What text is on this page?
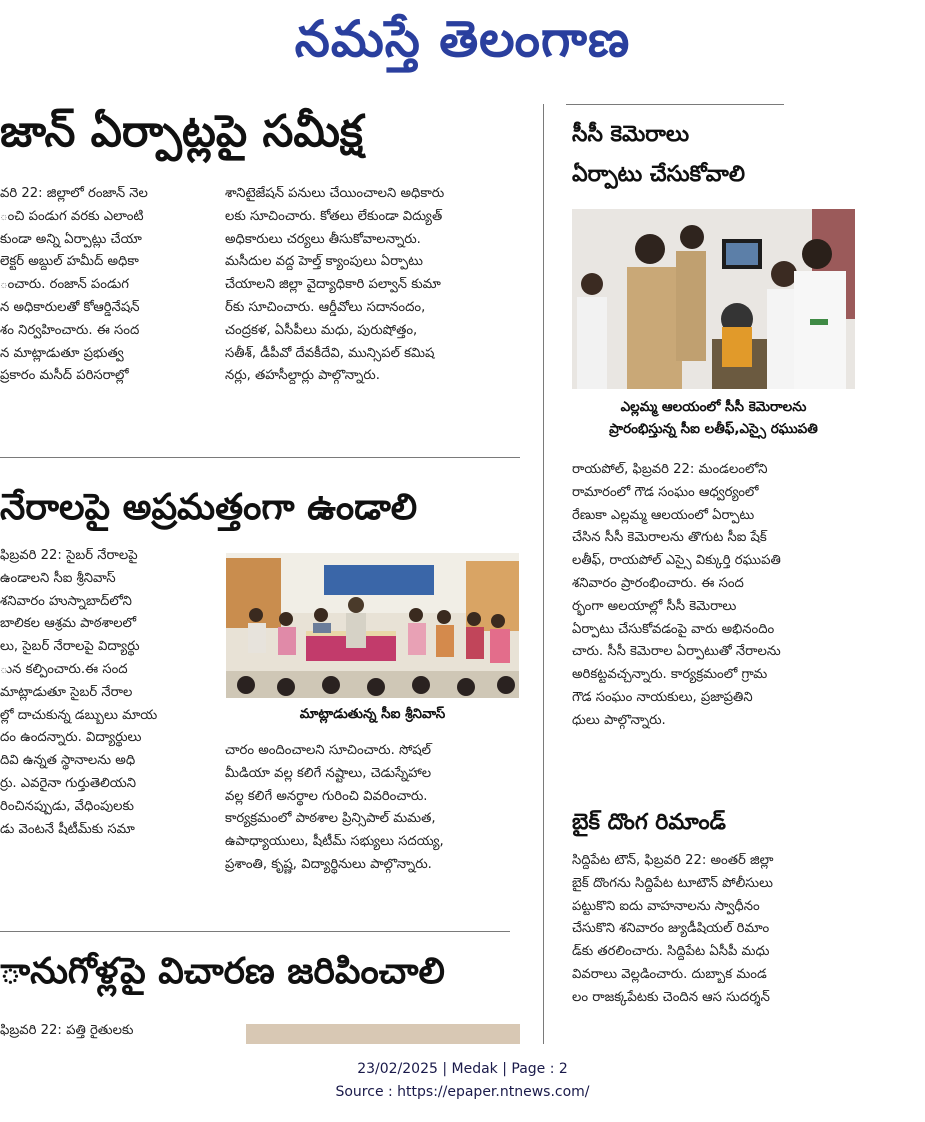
నమస్తే తెలంగాణ
జాన్ ఏర్పాట్లపై సమీక్ష
వరి 22: జిల్లాలో రంజాన్ నెల
ంచి పండుగ వరకు ఎలాంటి
కుండా అన్ని ఏర్పాట్లు చేయా
లెక్టర్ అబ్దుల్ హమీద్ అధికా
ంచారు. రంజాన్ పండుగ
న అధికారులతో కోఆర్డినేషన్
శం నిర్వహించారు. ఈ సంద
న మాట్లాడుతూ ప్రభుత్వ
ప్రకారం మసీద్ పరిసరాల్లో
శానిటైజేషన్ పనులు చేయించాలని అధికారు
లకు సూచించారు. కోతలు లేకుండా విద్యుత్
అధికారులు చర్యలు తీసుకోవాలన్నారు.
మసీదుల వద్ద హెల్త్ క్యాంపులు ఏర్పాటు
చేయాలని జిల్లా వైద్యాధికారి పల్వాన్ కుమా
ర్‌కు సూచించారు. ఆర్డీవోలు సదానందం,
చంద్రకళ, ఏసీపీలు మధు, పురుషోత్తం,
సతీశ్, డీపీవో దేవకీదేవి, మున్సిపల్ కమిష
నర్లు, తహసీల్దార్లు పాల్గొన్నారు.
నేరాలపై అప్రమత్తంగా ఉండాలి
ఫిబ్రవరి 22: సైబర్ నేరాలపై
ఉండాలని సీఐ శ్రీనివాస్
శనివారం హుస్నాబాద్‌లోని
బాలికల ఆశ్రమ పాఠశాలలో
లు, సైబర్ నేరాలపై విద్యార్థు
ున కల్పించారు.ఈ సంద
మాట్లాడుతూ సైబర్ నేరాల
ల్లో దాచుకున్న డబ్బులు మాయ
దం ఉందన్నారు. విద్యార్థులు
దివి ఉన్నత స్థానాలను అధి
ర్రు. ఎవరైనా గుర్తుతెలియని
రించినప్పుడు, వేధింపులకు
డు వెంటనే షీటీమ్‌కు సమా
మాట్లాడుతున్న సీఐ శ్రీనివాస్
చారం అందించాలని సూచించారు. సోషల్
మీడియా వల్ల కలిగే నష్టాలు, చెడుస్నేహాల
వల్ల కలిగే అనర్థాల గురించి వివరించారు.
కార్యక్రమంలో పాఠశాల ప్రిన్సిపాల్ మమత,
ఉపాధ్యాయులు, షీటీమ్ సభ్యులు సదయ్య,
ప్రశాంతి, కృష్ణ, విద్యార్థినులు పాల్గొన్నారు.
ానుగోళ్లపై విచారణ జరిపించాలి
ఫిబ్రవరి 22: పత్తి రైతులకు
సీసీ కెమెరాలు
ఏర్పాటు చేసుకోవాలి
ఎల్లమ్మ ఆలయంలో సీసీ కెమెరాలను
ప్రారంభిస్తున్న సీఐ లతీఫ్,ఎస్సై రఘుపతి
రాయపోల్, ఫిబ్రవరి 22: మండలంలోని
రామారంలో గౌడ సంఘం ఆధ్వర్యంలో
రేణుకా ఎల్లమ్మ ఆలయంలో ఏర్పాటు
చేసిన సీసీ కెమెరాలను తొగుట సీఐ షేక్
లతీఫ్, రాయపోల్ ఎస్సై విక్కుర్తి రఘుపతి
శనివారం ప్రారంభించారు. ఈ సంద
ర్భంగా అలయాల్లో సీసీ కెమెరాలు
ఏర్పాటు చేసుకోవడంపై వారు అభినందిం
చారు. సీసీ కెమెరాల ఏర్పాటుతో నేరాలను
అరికట్టవచ్చన్నారు. కార్యక్రమంలో గ్రామ
గౌడ సంఘం నాయకులు, ప్రజాప్రతిని
ధులు పాల్గొన్నారు.
బైక్ దొంగ రిమాండ్
సిద్దిపేట టౌన్, ఫిబ్రవరి 22: అంతర్ జిల్లా
బైక్ దొంగను సిద్దిపేట టూటౌన్ పోలీసులు
పట్టుకొని ఐదు వాహనాలను స్వాధీనం
చేసుకొని శనివారం జ్యుడీషియల్ రిమాం
డ్‌కు తరలించారు. సిద్దిపేట ఏసీపీ మధు
వివరాలు వెల్లడించారు. దుబ్బాక మండ
లం రాజక్కపేటకు చెందిన ఆస సుదర్శన్
23/02/2025 | Medak | Page : 2
Source : https://epaper.ntnews.com/
